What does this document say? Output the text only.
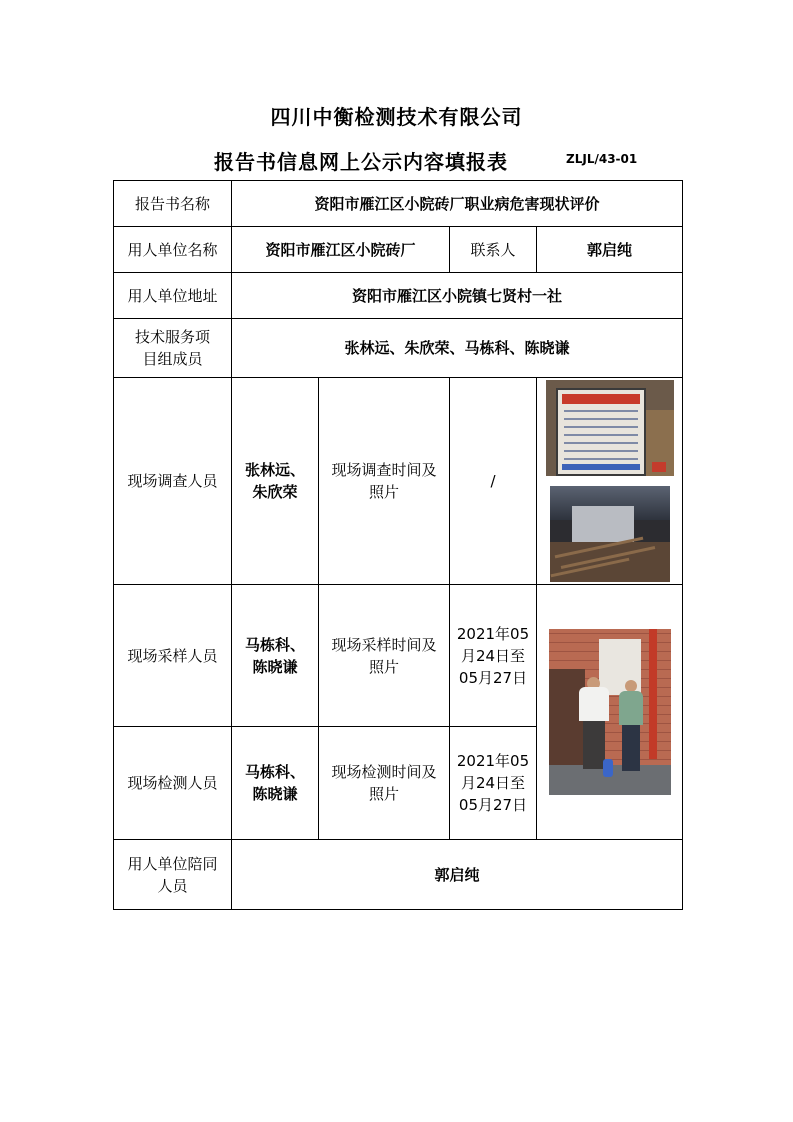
四川中衡检测技术有限公司
报告书信息网上公示内容填报表	ZLJL/43-01
报告书名称	资阳市雁江区小院砖厂职业病危害现状评价			
用人单位名称	资阳市雁江区小院砖厂		联系人	郭启纯
用人单位地址	资阳市雁江区小院镇七贤村一社			
技术服务项目组成员	张林远、朱欣荣、马栋科、陈晓谦			
现场调查人员	张林远、朱欣荣	现场调查时间及照片	/	

现场采样人员	马栋科、陈晓谦	现场采样时间及照片	2021年05月24日至05月27日	

现场检测人员	马栋科、陈晓谦	现场检测时间及照片	2021年05月24日至05月27日	
用人单位陪同人员	郭启纯			
